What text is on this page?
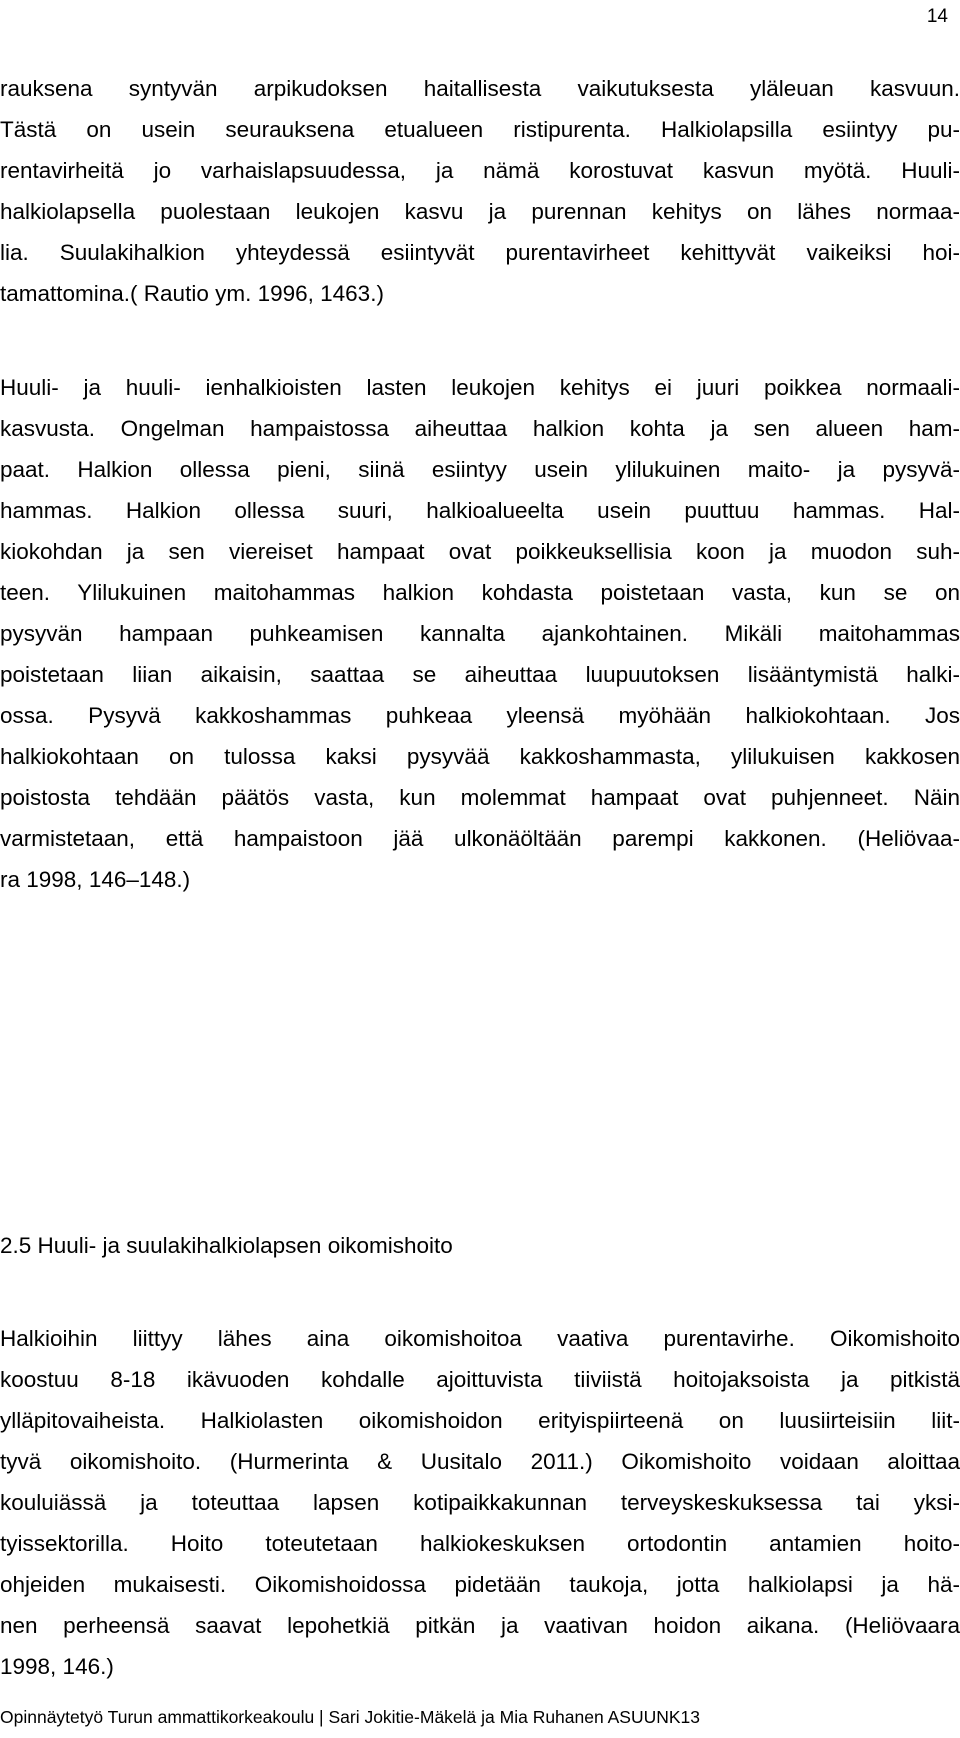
14

rauksena syntyvän arpikudoksen haitallisesta vaikutuksesta yläleuan kasvuun.
Tästä on usein seurauksena etualueen ristipurenta. Halkiolapsilla esiintyy pu-
rentavirheitä jo varhaislapsuudessa, ja nämä korostuvat kasvun myötä. Huuli-
halkiolapsella puolestaan leukojen kasvu ja purennan kehitys on lähes normaa-
lia. Suulakihalkion yhteydessä esiintyvät purentavirheet kehittyvät vaikeiksi hoi-
tamattomina.( Rautio ym. 1996, 1463.)

Huuli- ja huuli- ienhalkioisten lasten leukojen kehitys ei juuri poikkea normaali-
kasvusta. Ongelman hampaistossa aiheuttaa halkion kohta ja sen alueen ham-
paat. Halkion ollessa pieni, siinä esiintyy usein ylilukuinen maito- ja pysyvä-
hammas. Halkion ollessa suuri, halkioalueelta usein puuttuu hammas. Hal-
kiokohdan ja sen viereiset hampaat ovat poikkeuksellisia koon ja muodon suh-
teen. Ylilukuinen maitohammas halkion kohdasta poistetaan vasta, kun se on
pysyvän hampaan puhkeamisen kannalta ajankohtainen. Mikäli maitohammas
poistetaan liian aikaisin, saattaa se aiheuttaa luupuutoksen lisääntymistä halki-
ossa. Pysyvä kakkoshammas puhkeaa yleensä myöhään halkiokohtaan. Jos
halkiokohtaan on tulossa kaksi pysyvää kakkoshammasta, ylilukuisen kakkosen
poistosta tehdään päätös vasta, kun molemmat hampaat ovat puhjenneet. Näin
varmistetaan, että hampaistoon jää ulkonäöltään parempi kakkonen. (Heliövaa-
ra 1998, 146–148.)

2.5 Huuli- ja suulakihalkiolapsen oikomishoito

Halkioihin liittyy lähes aina oikomishoitoa vaativa purentavirhe. Oikomishoito
koostuu 8-18 ikävuoden kohdalle ajoittuvista tiiviistä hoitojaksoista ja pitkistä
ylläpitovaiheista. Halkiolasten oikomishoidon erityispiirteenä on luusiirteisiin liit-
tyvä oikomishoito. (Hurmerinta & Uusitalo 2011.) Oikomishoito voidaan aloittaa
kouluiässä ja toteuttaa lapsen kotipaikkakunnan terveyskeskuksessa tai yksi-
tyissektorilla. Hoito toteutetaan halkiokeskuksen ortodontin antamien hoito-
ohjeiden mukaisesti. Oikomishoidossa pidetään taukoja, jotta halkiolapsi ja hä-
nen perheensä saavat lepohetkiä pitkän ja vaativan hoidon aikana. (Heliövaara
1998, 146.)

Opinnäytetyö Turun ammattikorkeakoulu | Sari Jokitie-Mäkelä ja Mia Ruhanen ASUUNK13
